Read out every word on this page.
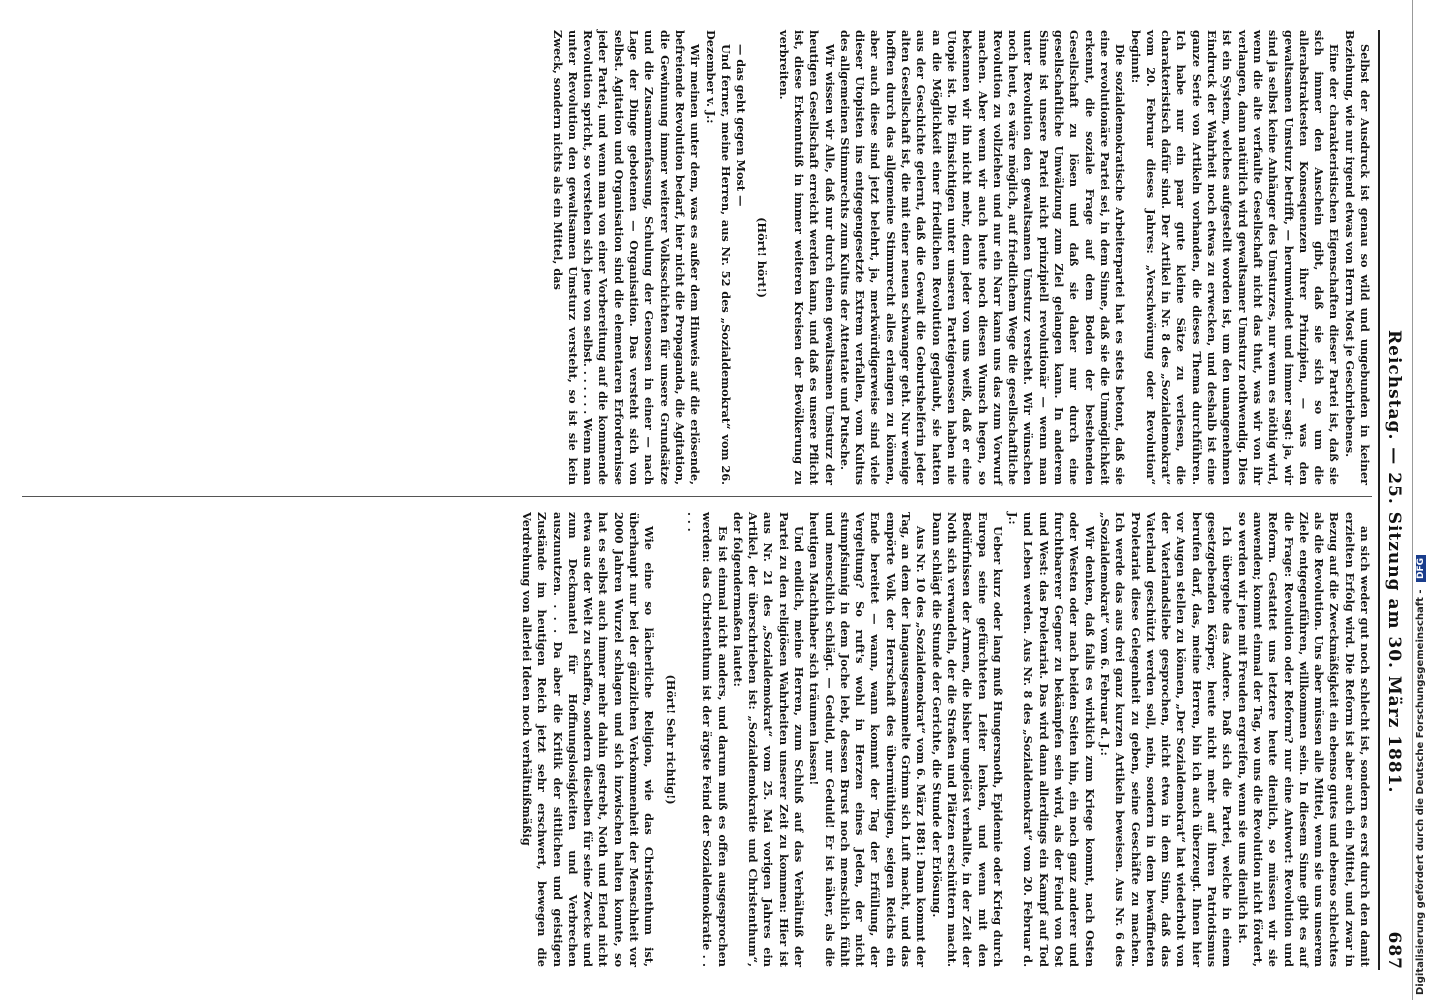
Reichstag. — 25. Sitzung am 30. März 1881.
687

Selbst der Ausdruck ist genau so wild und ungebunden in keiner Beziehung, wie nur irgend etwas von Herrn Most je Geschriebenes.

Eine der charakteristischen Eigenschaften dieser Partei ist, daß sie sich immer den Anschein gibt, daß sie sich so um die allerabstraktesten Konsequenzen ihrer Prinzipien, — was den gewaltsamen Umsturz betrifft, — herumwindet und immer sagt: ja, wir sind ja selbst keine Anhänger des Umsturzes, nur wenn es nöthig wird, wenn die alte verfaulte Gesellschaft nicht das thut, was wir von ihr verlangen, dann natürlich wird gewaltsamer Umsturz nothwendig. Dies ist ein System, welches aufgestellt worden ist, um den unangenehmen Eindruck der Wahrheit noch etwas zu erwecken, und deshalb ist eine ganze Serie von Artikeln vorhanden, die dieses Thema durchführen. Ich habe nur ein paar gute kleine Sätze zu verlesen, die charakteristisch dafür sind. Der Artikel in Nr. 8 des „Sozialdemokrat“ vom 20. Februar dieses Jahres: „Verschwörung oder Revolution“ beginnt:

Die sozialdemokratische Arbeiterpartei hat es stets betont, daß sie eine revolutionäre Partei sei, in dem Sinne, daß sie die Unmöglichkeit erkennt, die soziale Frage auf dem Boden der bestehenden Gesellschaft zu lösen und daß sie daher nur durch eine gesellschaftliche Umwälzung zum Ziel gelangen kann. In anderem Sinne ist unsere Partei nicht prinzipiell revolutionär — wenn man unter Revolution den gewaltsamen Umsturz versteht. Wir wünschen noch heut, es wäre möglich, auf friedlichem Wege die gesellschaftliche Revolution zu vollziehen und nur ein Narr kann uns das zum Vorwurf machen. Aber wenn wir auch heute noch diesen Wunsch hegen, so bekennen wir ihn nicht mehr, denn jeder von uns weiß, daß er eine Utopie ist. Die Einsichtigen unter unseren Parteigenossen haben nie an die Möglichkeit einer friedlichen Revolution geglaubt, sie hatten aus der Geschichte gelernt, daß die Gewalt die Geburtshelferin jeder alten Gesellschaft ist, die mit einer neuen schwanger geht. Nur wenige hofften durch das allgemeine Stimmrecht alles erlangen zu können, aber auch diese sind jetzt belehrt, ja, merkwürdigerweise sind viele dieser Utopisten ins entgegengesetzte Extrem verfallen, vom Kultus des allgemeinen Stimmrechts zum Kultus der Attentate und Putsche.

Wir wissen wir Alle, daß nur durch einen gewaltsamen Umsturz der heutigen Gesellschaft erreicht werden kann, und daß es unsere Pflicht ist, diese Erkenntniß in immer weiteren Kreisen der Bevölkerung zu verbreiten.

(Hört! hört!)

— das geht gegen Most —

Und ferner, meine Herren, aus Nr. 52 des „Sozialdemokrat“ vom 26. Dezember v. J.:

Wir meinen unter dem, was es außer dem Hinweis auf die erlösende, befreiende Revolution bedarf, hier nicht die Propaganda, die Agitation, die Gewinnung immer weiterer Volksschichten für unsere Grundsätze und die Zusammenfassung, Schulung der Genossen in einer — nach Lage der Dinge gebotenen — Organisation. Das versteht sich von selbst. Agitation und Organisation sind die elementaren Erfordernisse jeder Partei, und wenn man von einer Vorbereitung auf die kommende Revolution spricht, so verstehen sich jene von selbst. . . . . . . Wenn man unter Revolution den gewaltsamen Umsturz versteht, so ist sie kein Zweck, sondern nichts als ein Mittel, das

an sich weder gut noch schlecht ist, sondern es erst durch den damit erzielten Erfolg wird. Die Reform ist aber auch ein Mittel, und zwar in Bezug auf die Zweckmäßigkeit ein ebenso gutes und ebenso schlechtes als die Revolution. Uns aber müssen alle Mittel, wenn sie uns unserem Ziele entgegenführen, willkommen sein. In diesem Sinne gibt es auf die Frage: Revolution oder Reform? nur eine Antwort: Revolution und Reform. Gestattet uns letztere heute dienlich, so müssen wir sie anwenden; kommt einmal der Tag, wo uns die Revolution nicht fördert, so werden wir jene mit Freuden ergreifen, wenn sie uns dienlich ist.

Ich übergehe das Andere. Daß sich die Partei, welche in einem gesetzgebenden Körper, heute nicht mehr auf ihren Patriotismus berufen darf, das, meine Herren, bin ich auch überzeugt. Ihnen hier vor Augen stellen zu können, „Der Sozialdemokrat“ hat wiederholt von der Vaterlandsliebe gesprochen, nicht etwa in dem Sinn, daß das Vaterland geschützt werden soll, nein, sondern in dem bewaffneten Proletariat diese Gelegenheit zu geben, seine Geschäfte zu machen. Ich werde das aus drei ganz kurzen Artikeln beweisen. Aus Nr. 6 des „Sozialdemokrat“ vom 6. Februar d. J.:

Wir denken, daß falls es wirklich zum Kriege kommt, nach Osten oder Westen oder nach beiden Seiten hin, ein noch ganz anderer und furchtbarerer Gegner zu bekämpfen sein wird, als der Feind von Ost und West: das Proletariat. Das wird dann allerdings ein Kampf auf Tod und Leben werden. Aus Nr. 8 des „Sozialdemokrat“ vom 20. Februar d. J.:

Ueber kurz oder lang muß Hungersnoth, Epidemie oder Krieg durch Europa seine gefürchteten Leiter lenken, und wenn mit den Bedürfnissen der Armen, die bisher ungelöst verhallte, in der Zeit der Noth sich verwandeln, der die Straßen und Plätzen erschüttern macht. Dann schlägt die Stunde der Gerichte, die Stunde der Erlösung.

Aus Nr. 10 des „Sozialdemokrat“ vom 6. März 1881: Dann kommt der Tag, an dem der langausgesammelte Grimm sich Luft macht, und das empörte Volk der Herrschaft des übermüthigen, seigen Reichs ein Ende bereitet — wann, wann kommt der Tag der Erfüllung, der Vergeltung? So ruft's wohl in Herzen eines Jeden, der nicht stumpfsinnig in dem Joche lebt, dessen Brust noch menschlich fühlt und menschlich schlägt. — Geduld, nur Geduld! Er ist näher, als die heutigen Machthaber sich träumen lassen!

Und endlich, meine Herren, zum Schluß auf das Verhältniß der Partei zu den religiösen Wahrheiten unserer Zeit zu kommen: Hier ist aus Nr. 21 des „Sozialdemokrat“ vom 25. Mai vorigen Jahres ein Artikel, der überschrieben ist: „Sozialdemokratie und Christenthum“, der folgendermaßen lautet:

Es ist einmal nicht anders, und darum muß es offen ausgesprochen werden: das Christenthum ist der ärgste Feind der Sozialdemokratie . . . . .

(Hört! Sehr richtig!)

Wie eine so lächerliche Religion, wie das Christenthum ist, überhaupt nur bei der gänzlichen Verkommenheit der Menschheit vor 2000 Jahren Wurzel schlagen und sich inzwischen halten konnte, so hat es selbst auch immer mehr dahin gestrebt, Noth und Elend nicht etwa aus der Welt zu schaffen, sondern dieselben für seine Zwecke und zum Deckmantel für Hoffnungslosigkeiten und Verbrechen auszunutzen. . . . Da aber die Kritik der sittlichen und geistigen Zustände im heutigen Reich jetzt sehr erschwert, bewegen die Verdrehung von allerlei Ideen noch verhältnißmäßig	Digitalisierung gefördert durch die Deutsche Forschungsgemeinschaft - DFG
